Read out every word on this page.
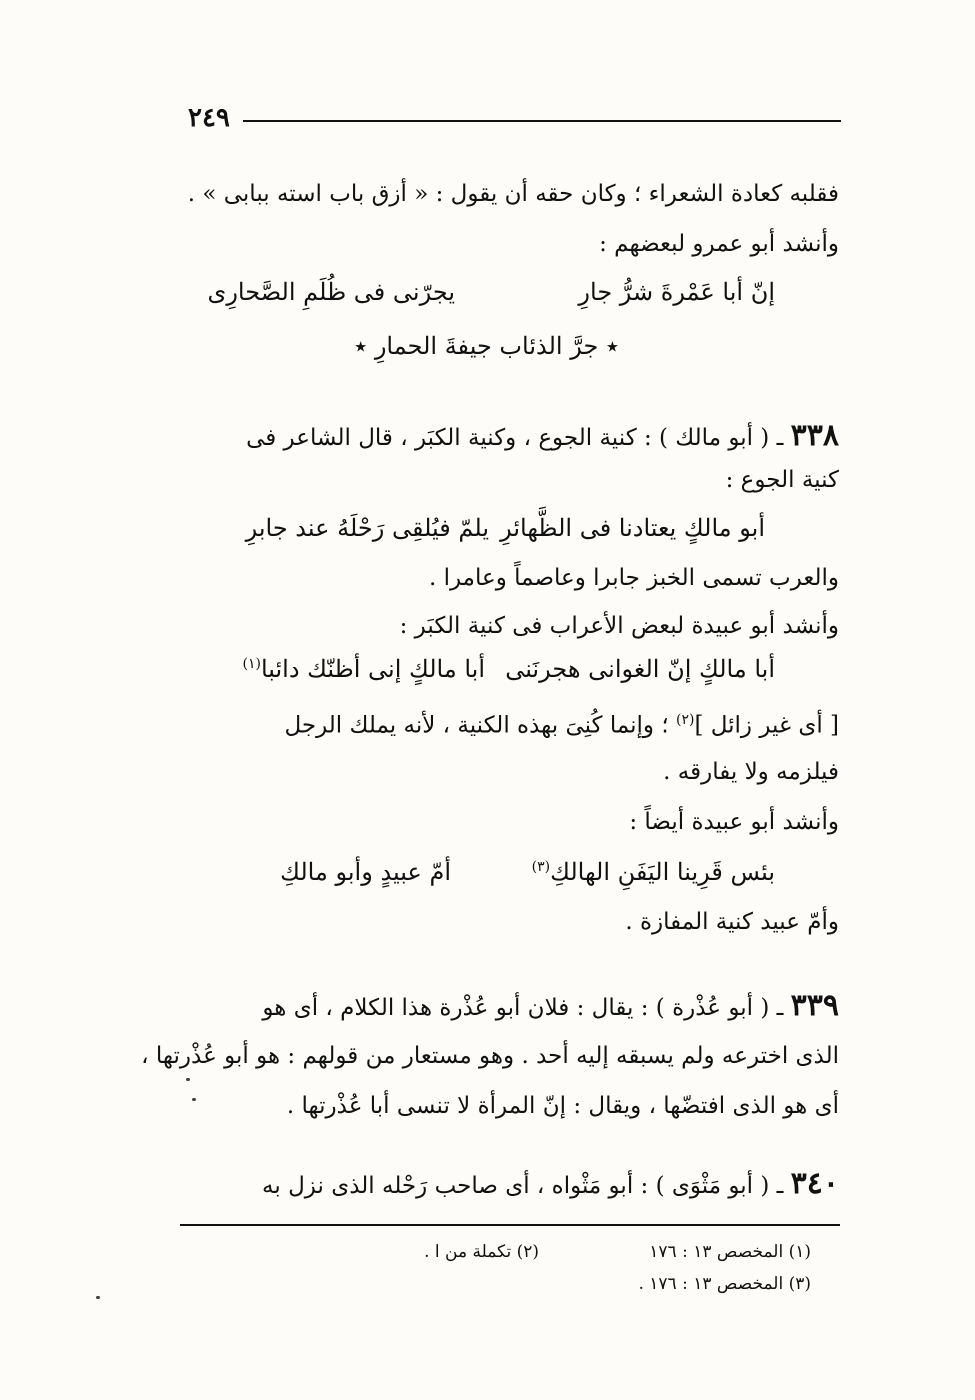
٢٤٩
فقلبه كعادة الشعراء ؛ وكان حقه أن يقول : « أزق باب استه ببابى » .
وأنشد أبو عمرو لبعضهم :
إنّ أبا عَمْرةَ شرُّ جارِ
يجرّنى فى ظُلَمِ الصَّحارِى
٭ جرَّ الذئاب جيفةَ الحمارِ ٭
٣٣٨ ـ ( أبو مالك ) : كنية الجوع ، وكنية الكبَر ، قال الشاعر فى
كنية الجوع :
أبو مالكٍ يعتادنا فى الظَّهائرِ
يلمّ فيُلقِى رَحْلَهُ عند جابرِ
والعرب تسمى الخبز جابرا وعاصماً وعامرا .
وأنشد أبو عبيدة لبعض الأعراب فى كنية الكبَر :
أبا مالكٍ إنّ الغوانى هجرنَنى
أبا مالكٍ إنى أظنّك دائبا$^{(١)}$
[ أى غير زائل ]$^{(٢)}$ ؛ وإنما كُنِىَ بهذه الكنية ، لأنه يملك الرجل
فيلزمه ولا يفارقه .
وأنشد أبو عبيدة أيضاً :
بئس قَرِينا اليَفَنِ الهالكِ$^{(٣)}$
أمّ عبيدٍ وأبو مالكِ
وأمّ عبيد كنية المفازة .
٣٣٩ ـ ( أبو عُذْرة ) : يقال : فلان أبو عُذْرة هذا الكلام ، أى هو
الذى اخترعه ولم يسبقه إليه أحد . وهو مستعار من قولهم : هو أبو عُذْرتها ،
أى هو الذى افتضّها ، ويقال : إنّ المرأة لا تنسى أبا عُذْرتها .
٣٤٠ ـ ( أبو مَثْوَى ) : أبو مَثْواه ، أى صاحب رَحْله الذى نزل به
(١) المخصص ١٣ : ١٧٦
(٢) تكملة من ا .
(٣) المخصص ١٣ : ١٧٦ .
